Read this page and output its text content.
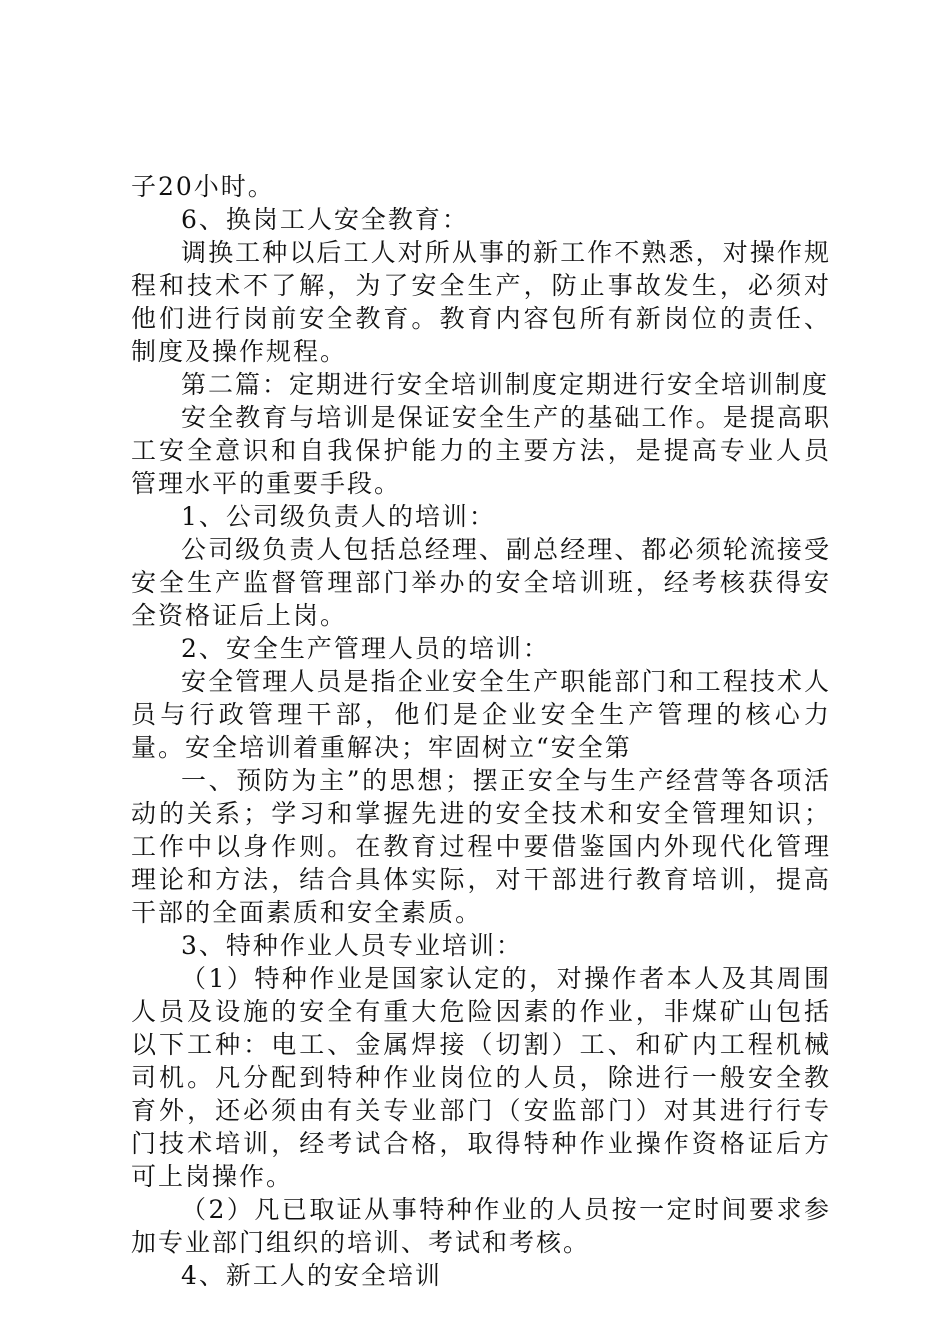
子20小时。

6、换岗工人安全教育：

调换工种以后工人对所从事的新工作不熟悉，对操作规程和技术不了解，为了安全生产，防止事故发生，必须对他们进行岗前安全教育。教育内容包所有新岗位的责任、制度及操作规程。

第二篇：定期进行安全培训制度定期进行安全培训制度

安全教育与培训是保证安全生产的基础工作。是提高职工安全意识和自我保护能力的主要方法，是提高专业人员管理水平的重要手段。

1、公司级负责人的培训：

公司级负责人包括总经理、副总经理、都必须轮流接受安全生产监督管理部门举办的安全培训班，经考核获得安全资格证后上岗。

2、安全生产管理人员的培训：

安全管理人员是指企业安全生产职能部门和工程技术人员与行政管理干部，他们是企业安全生产管理的核心力量。安全培训着重解决；牢固树立“安全第

一、预防为主”的思想；摆正安全与生产经营等各项活动的关系；学习和掌握先进的安全技术和安全管理知识；工作中以身作则。在教育过程中要借鉴国内外现代化管理理论和方法，结合具体实际，对干部进行教育培训，提高干部的全面素质和安全素质。

3、特种作业人员专业培训：

（1）特种作业是国家认定的，对操作者本人及其周围人员及设施的安全有重大危险因素的作业，非煤矿山包括以下工种：电工、金属焊接（切割）工、和矿内工程机械司机。凡分配到特种作业岗位的人员，除进行一般安全教育外，还必须由有关专业部门（安监部门）对其进行行专门技术培训，经考试合格，取得特种作业操作资格证后方可上岗操作。

（2）凡已取证从事特种作业的人员按一定时间要求参加专业部门组织的培训、考试和考核。

4、新工人的安全培训
